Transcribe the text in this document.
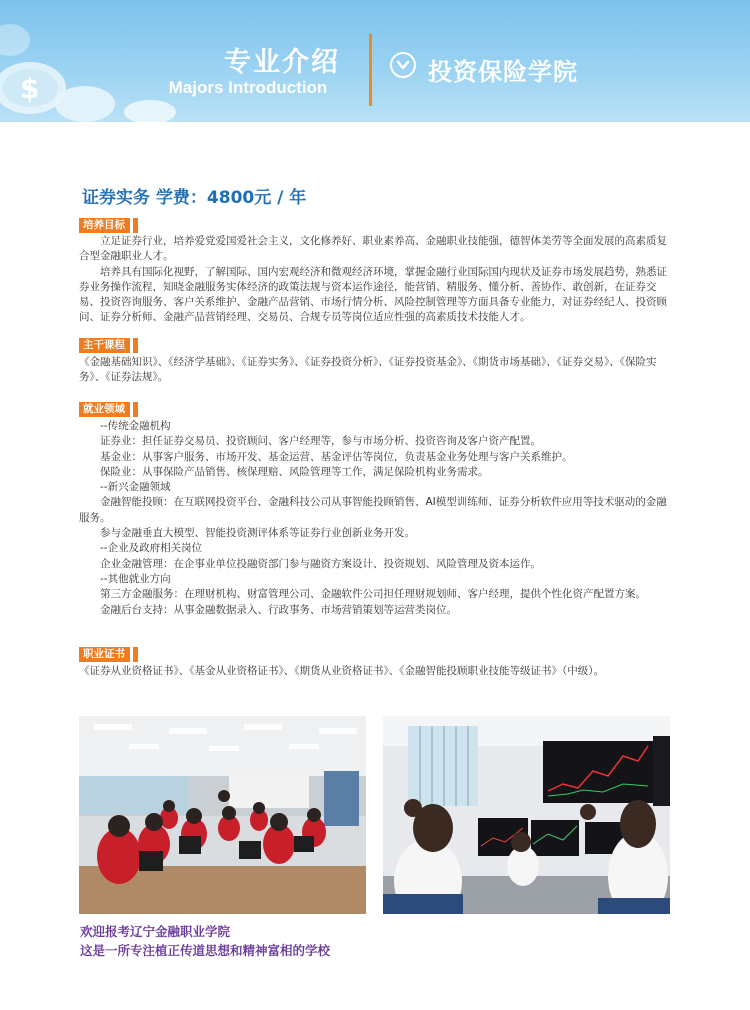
$
专业介绍
Majors Introduction
投资保险学院
证券实务 学费：4800元 / 年
培养目标

立足证券行业，培养爱党爱国爱社会主义，文化修养好、职业素养高、金融职业技能强，德智体美劳等全面发展的高素质复合型金融职业人才。

培养具有国际化视野，了解国际、国内宏观经济和微观经济环境，掌握金融行业国际国内现状及证券市场发展趋势，熟悉证券业务操作流程，知晓金融服务实体经济的政策法规与资本运作途径，能营销、精服务、懂分析、善协作、敢创新，在证券交易、投资咨询服务、客户关系维护、金融产品营销、市场行情分析、风险控制管理等方面具备专业能力，对证券经纪人、投资顾问、证券分析师、金融产品营销经理、交易员、合规专员等岗位适应性强的高素质技术技能人才。

主干课程

《金融基础知识》、《经济学基础》、《证券实务》、《证券投资分析》、《证券投资基金》、《期货市场基础》、《证券交易》、《保险实务》、《证券法规》。

就业领域

--传统金融机构

证券业：担任证券交易员、投资顾问、客户经理等，参与市场分析、投资咨询及客户资产配置。

基金业：从事客户服务、市场开发、基金运营、基金评估等岗位，负责基金业务处理与客户关系维护。

保险业：从事保险产品销售、核保理赔、风险管理等工作，满足保险机构业务需求。

--新兴金融领域

金融智能投顾：在互联网投资平台、金融科技公司从事智能投顾销售、AI模型训练师、证券分析软件应用等技术驱动的金融服务。

参与金融垂直大模型、智能投资测评体系等证券行业创新业务开发。

--企业及政府相关岗位

企业金融管理：在企事业单位投融资部门参与融资方案设计、投资规划、风险管理及资本运作。

--其他就业方向

第三方金融服务：在理财机构、财富管理公司、金融软件公司担任理财规划师、客户经理，提供个性化资产配置方案。

金融后台支持：从事金融数据录入、行政事务、市场营销策划等运营类岗位。

职业证书

《证券从业资格证书》、《基金从业资格证书》、《期货从业资格证书》、《金融智能投顾职业技能等级证书》（中级）。

欢迎报考辽宁金融职业学院
这是一所专注植正传道思想和精神富相的学校
